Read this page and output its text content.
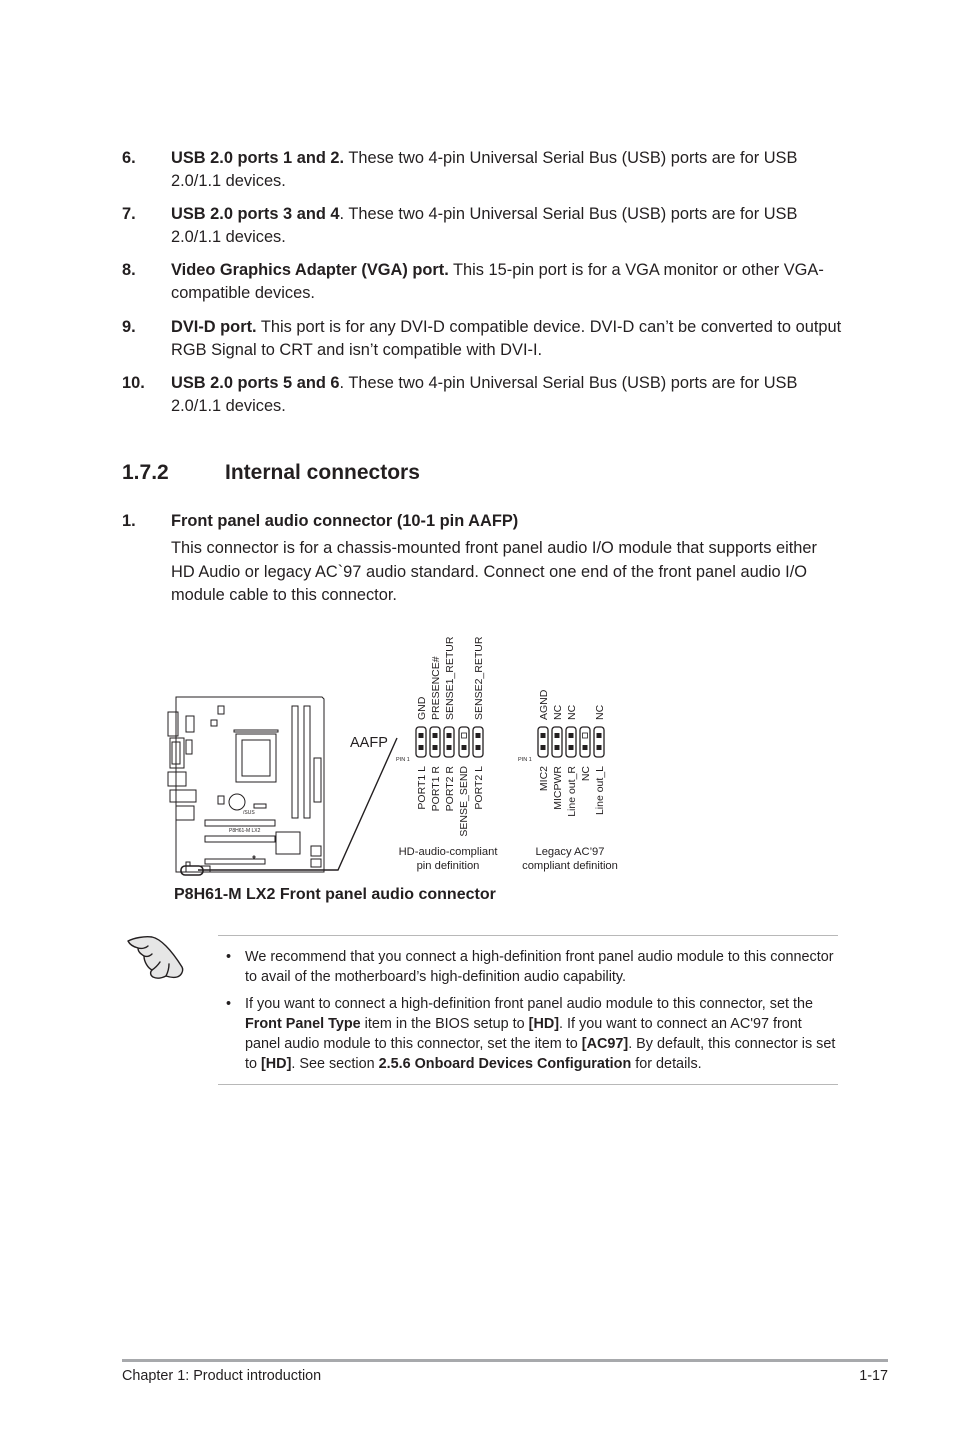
6. USB 2.0 ports 1 and 2. These two 4-pin Universal Serial Bus (USB) ports are for USB 2.0/1.1 devices.
7. USB 2.0 ports 3 and 4. These two 4-pin Universal Serial Bus (USB) ports are for USB 2.0/1.1 devices.
8. Video Graphics Adapter (VGA) port. This 15-pin port is for a VGA monitor or other VGA-compatible devices.
9. DVI-D port. This port is for any DVI-D compatible device. DVI-D can’t be converted to output RGB Signal to CRT and isn’t compatible with DVI-I.
10. USB 2.0 ports 5 and 6. These two 4-pin Universal Serial Bus (USB) ports are for USB 2.0/1.1 devices.
1.7.2	Internal connectors
1. Front panel audio connector (10-1 pin AAFP)
This connector is for a chassis-mounted front panel audio I/O module that supports either HD Audio or legacy AC`97 audio standard. Connect one end of the front panel audio I/O module cable to this connector.
/SUS
P8H61-M LX2
AAFP
PIN 1	PIN 1
GND PRESENCE# SENSE1_RETUR SENSE2_RETUR
PORT1 L PORT1 R PORT2 R SENSE_SEND PORT2 L
AGND NC NC NC
MIC2 MICPWR Line out_R NC Line out_L
HD-audio-compliant
pin definition
Legacy AC’97
compliant definition
P8H61-M LX2 Front panel audio connector
• We recommend that you connect a high-definition front panel audio module to this connector to avail of the motherboard’s high-definition audio capability.
• If you want to connect a high-definition front panel audio module to this connector, set the Front Panel Type item in the BIOS setup to [HD]. If you want to connect an AC'97 front panel audio module to this connector, set the item to [AC97]. By default, this connector is set to [HD]. See section 2.5.6 Onboard Devices Configuration for details.
Chapter 1: Product introduction	1-17
